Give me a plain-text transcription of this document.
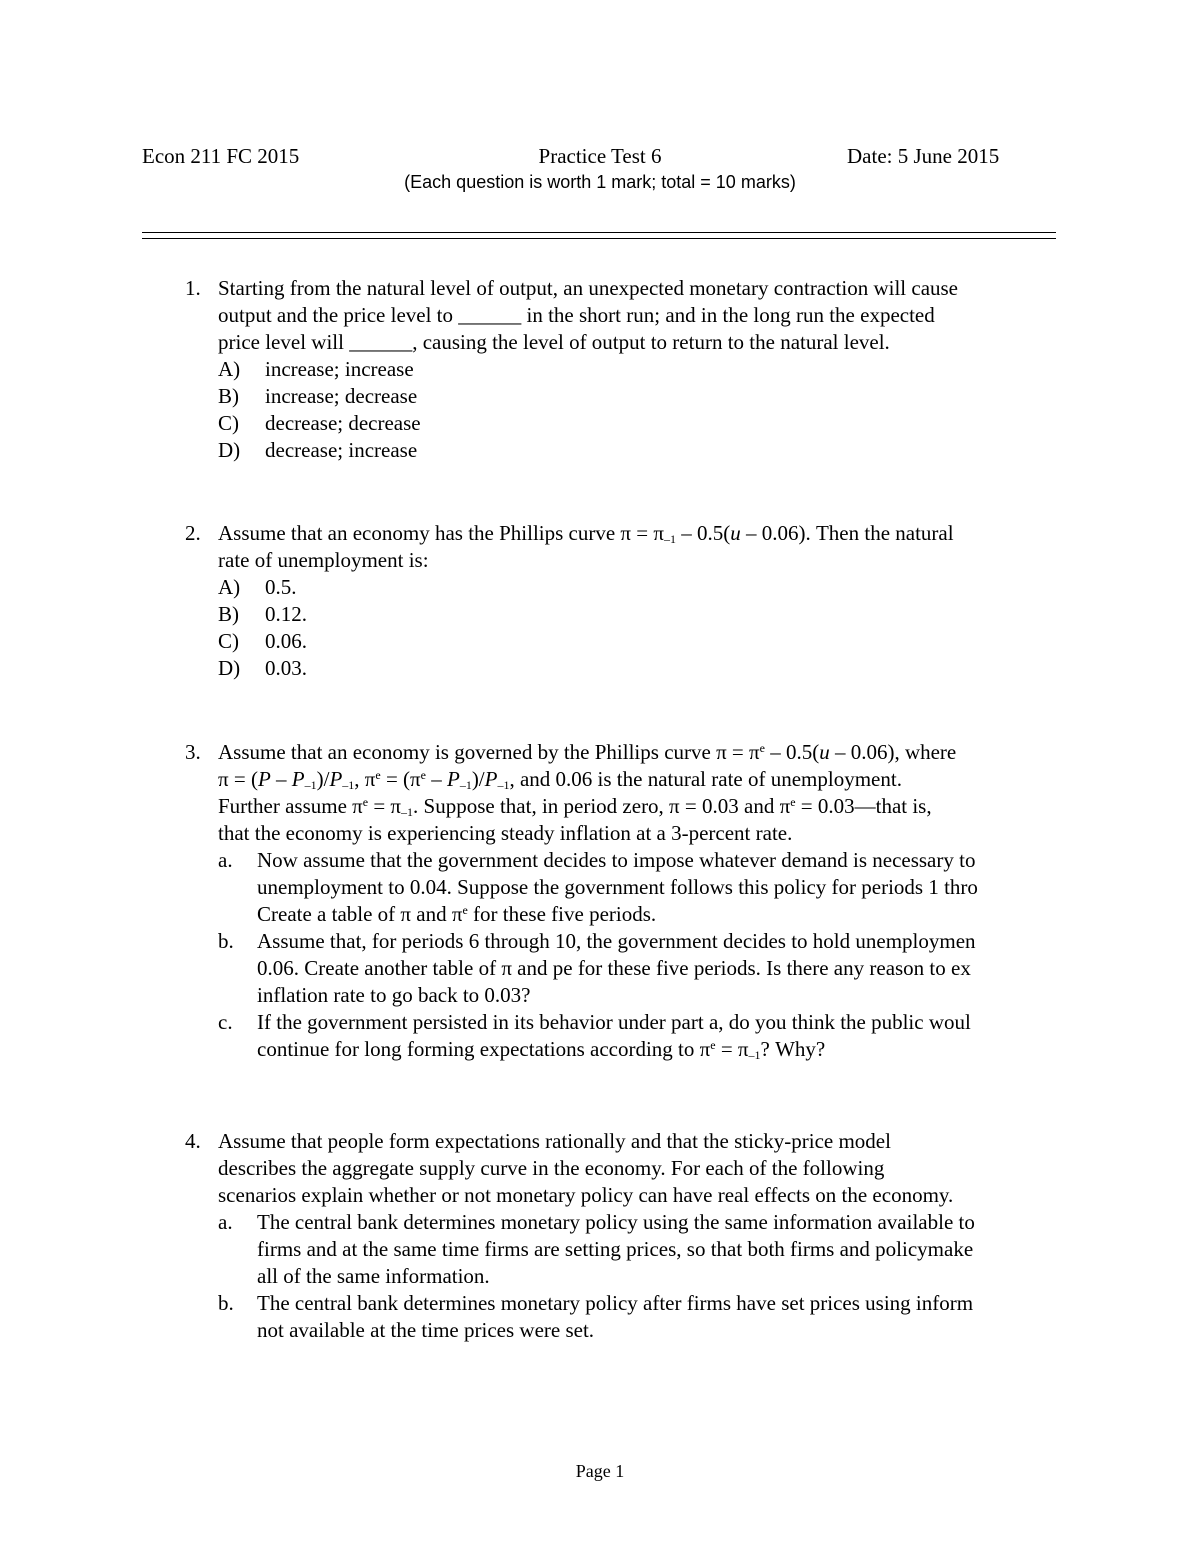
Econ 211 FC 2015	Practice Test 6	Date: 5 June 2015
(Each question is worth 1 mark; total = 10 marks)
1. Starting from the natural level of output, an unexpected monetary contraction will cause
output and the price level to ______ in the short run; and in the long run the expected
price level will ______, causing the level of output to return to the natural level.
A) increase; increase
B) increase; decrease
C) decrease; decrease
D) decrease; increase
2. Assume that an economy has the Phillips curve $\pi = \pi_{-1} - 0.5(u - 0.06)$. Then the natural
rate of unemployment is:
A) 0.5.
B) 0.12.
C) 0.06.
D) 0.03.
3. Assume that an economy is governed by the Phillips curve $\pi = \pi^e - 0.5(u - 0.06)$, where
$\pi = (P - P_{-1})/P_{-1}$, $\pi^e = (\pi^e - P_{-1})/P_{-1}$, and 0.06 is the natural rate of unemployment.
Further assume $\pi^e = \pi_{-1}$. Suppose that, in period zero, π = 0.03 and $\pi^e$ = 0.03—that is,
that the economy is experiencing steady inflation at a 3-percent rate.
a. Now assume that the government decides to impose whatever demand is necessary to
unemployment to 0.04. Suppose the government follows this policy for periods 1 thro
Create a table of π and $\pi^e$ for these five periods.
b. Assume that, for periods 6 through 10, the government decides to hold unemploymen
0.06. Create another table of π and pe for these five periods. Is there any reason to ex
inflation rate to go back to 0.03?
c. If the government persisted in its behavior under part a, do you think the public woul
continue for long forming expectations according to $\pi^e = \pi_{-1}$? Why?
4. Assume that people form expectations rationally and that the sticky-price model
describes the aggregate supply curve in the economy. For each of the following
scenarios explain whether or not monetary policy can have real effects on the economy.
a. The central bank determines monetary policy using the same information available to
firms and at the same time firms are setting prices, so that both firms and policymake
all of the same information.
b. The central bank determines monetary policy after firms have set prices using inform
not available at the time prices were set.
Page 1
